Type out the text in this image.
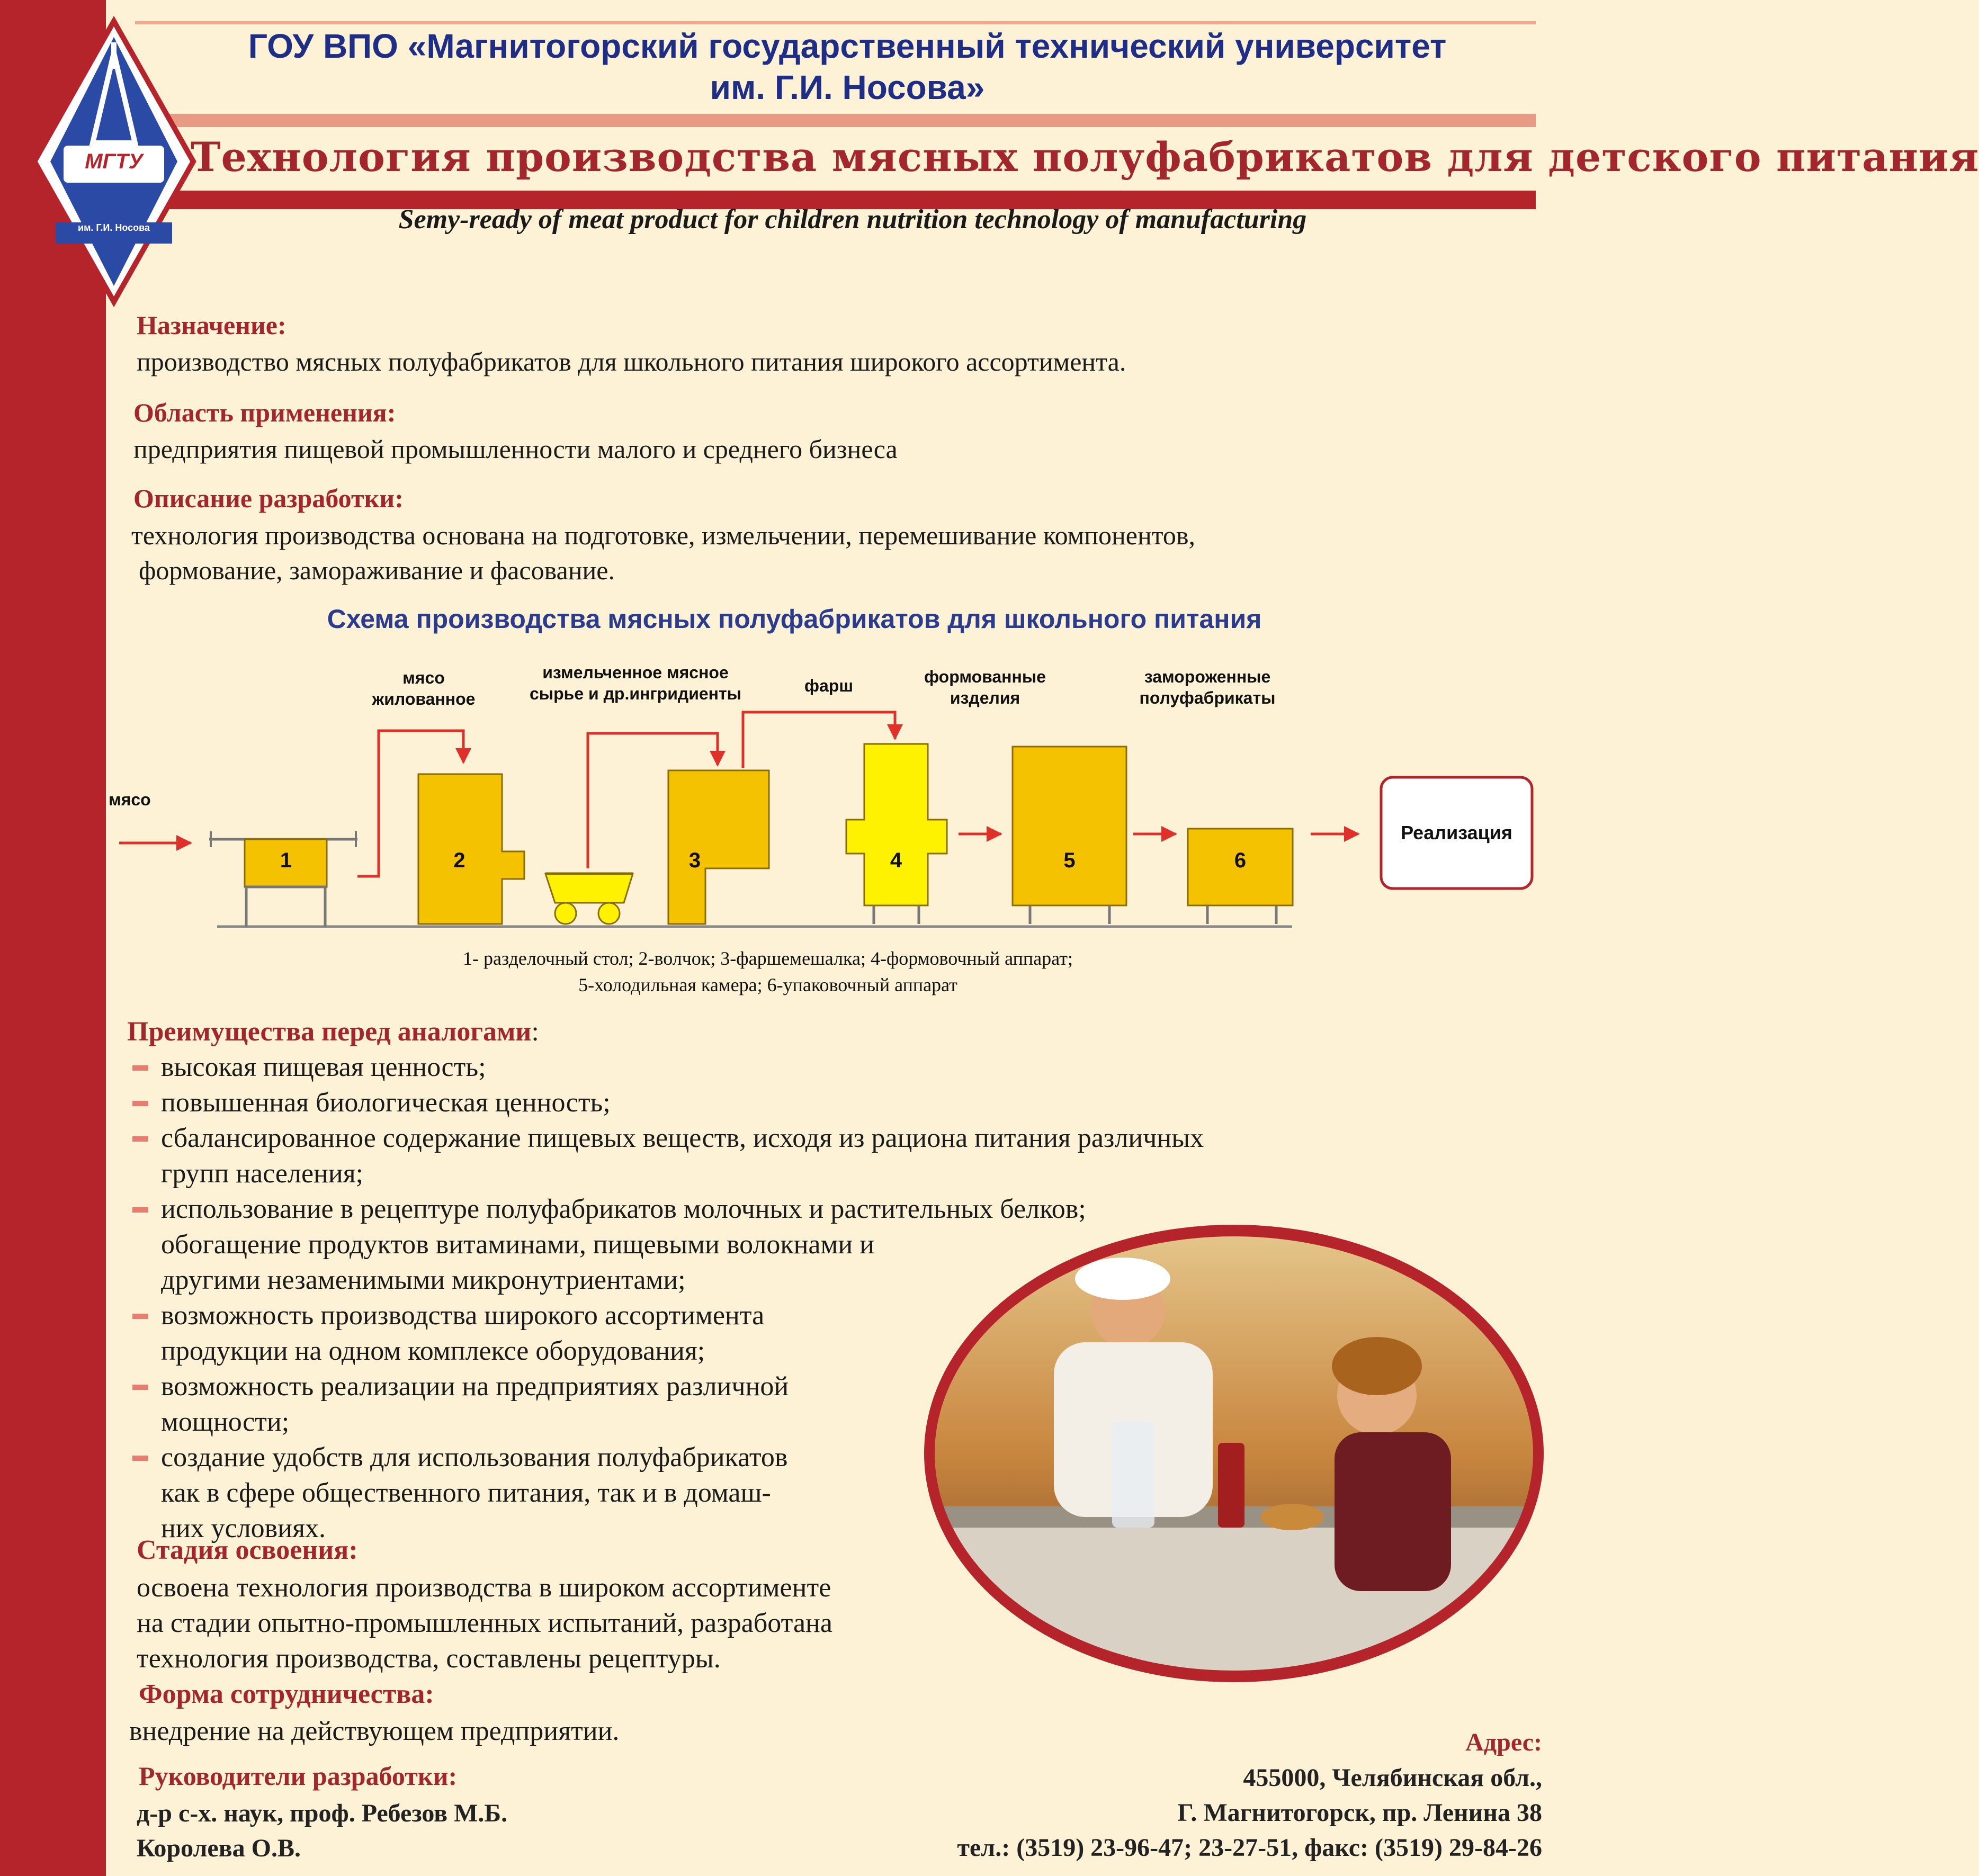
МГТУ
им. Г.И. Носова
ГОУ ВПО «Магнитогорский государственный технический университет
им. Г.И. Носова»
Технология производства мясных полуфабрикатов для детского питания
Semy-ready of meat product for children nutrition technology of manufacturing
Назначение:
производство мясных полуфабрикатов для школьного питания широкого ассортимента.
Область применения:
предприятия пищевой промышленности малого и среднего бизнеса
Описание разработки:
технология производства основана на подготовке, измельчении, перемешивание компонентов,
формование, замораживание и фасование.
Схема производства мясных полуфабрикатов для школьного питания
мясо
мясо
жилованное
измельченное мясное
сырье и др.ингридиенты	фарш	формованные
изделия
замороженные
полуфабрикаты
1	2	3	4	5	6
Реализация
1- разделочный стол; 2-волчок; 3-фаршемешалка; 4-формовочный аппарат;
5-холодильная камера; 6-упаковочный аппарат
Преимущества перед аналогами:
высокая пищевая ценность;
повышенная биологическая ценность;
сбалансированное содержание пищевых веществ, исходя из рациона питания различных
групп населения;
использование в рецептуре полуфабрикатов молочных и растительных белков;
обогащение продуктов витаминами, пищевыми волокнами и
другими незаменимыми микронутриентами;
возможность производства широкого ассортимента
продукции на одном комплексе оборудования;
возможность реализации на предприятиях различной
мощности;
создание удобств для использования полуфабрикатов
как в сфере общественного питания, так и в домаш-
них условиях.
Стадия освоения:
освоена технология производства в широком ассортименте
на стадии опытно-промышленных испытаний, разработана
технология производства, составлены рецептуры.
Форма сотрудничества:
внедрение на действующем предприятии.
Руководители разработки:
д-р с-х. наук, проф. Ребезов М.Б.
Королева О.В.
Адрес:
455000, Челябинская обл.,
Г. Магнитогорск, пр. Ленина 38
тел.: (3519) 23-96-47; 23-27-51, факс: (3519) 29-84-26
